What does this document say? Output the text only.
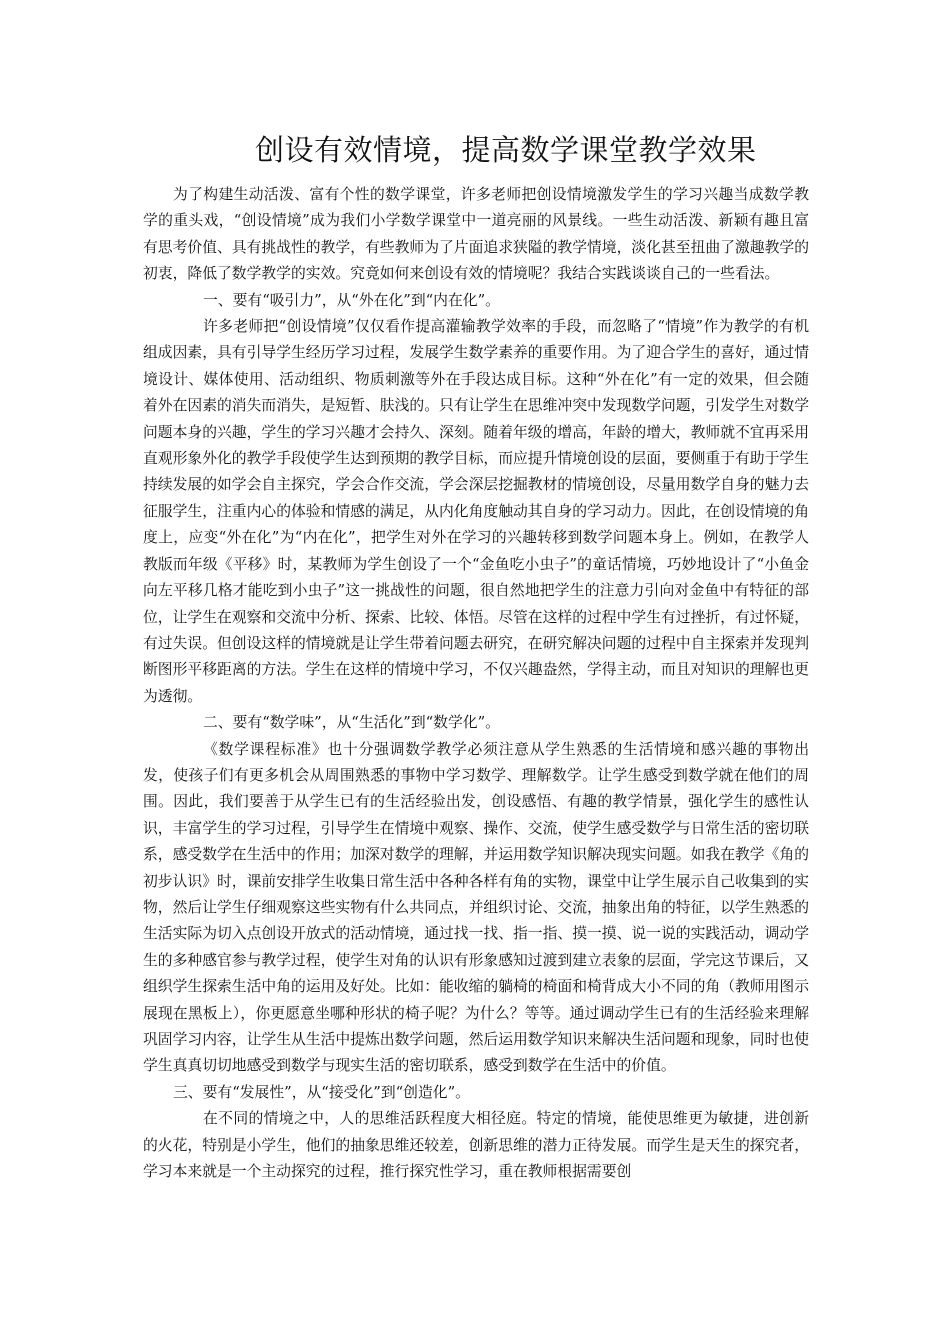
创设有效情境，提高数学课堂教学效果

为了构建生动活泼、富有个性的数学课堂，许多老师把创设情境激发学生的学习兴趣当成数学教学的重头戏，“创设情境”成为我们小学数学课堂中一道亮丽的风景线。一些生动活泼、新颖有趣且富有思考价值、具有挑战性的教学，有些教师为了片面追求狭隘的教学情境，淡化甚至扭曲了激趣教学的初衷，降低了数学教学的实效。究竟如何来创设有效的情境呢？我结合实践谈谈自己的一些看法。

一、要有“吸引力”，从“外在化”到“内在化”。

许多老师把“创设情境”仅仅看作提高灌输教学效率的手段，而忽略了“情境”作为教学的有机组成因素，具有引导学生经历学习过程，发展学生数学素养的重要作用。为了迎合学生的喜好，通过情境设计、媒体使用、活动组织、物质刺激等外在手段达成目标。这种“外在化”有一定的效果，但会随着外在因素的消失而消失，是短暂、肤浅的。只有让学生在思维冲突中发现数学问题，引发学生对数学问题本身的兴趣，学生的学习兴趣才会持久、深刻。随着年级的增高，年龄的增大，教师就不宜再采用直观形象外化的教学手段使学生达到预期的教学目标，而应提升情境创设的层面，要侧重于有助于学生持续发展的如学会自主探究，学会合作交流，学会深层挖掘教材的情境创设，尽量用数学自身的魅力去征服学生，注重内心的体验和情感的满足，从内化角度触动其自身的学习动力。因此，在创设情境的角度上，应变“外在化”为“内在化”，把学生对外在学习的兴趣转移到数学问题本身上。例如，在教学人教版而年级《平移》时，某教师为学生创设了一个“金鱼吃小虫子”的童话情境，巧妙地设计了“小鱼金向左平移几格才能吃到小虫子”这一挑战性的问题，很自然地把学生的注意力引向对金鱼中有特征的部位，让学生在观察和交流中分析、探索、比较、体悟。尽管在这样的过程中学生有过挫折，有过怀疑，有过失误。但创设这样的情境就是让学生带着问题去研究，在研究解决问题的过程中自主探索并发现判断图形平移距离的方法。学生在这样的情境中学习，不仅兴趣盎然，学得主动，而且对知识的理解也更为透彻。

二、要有“数学味”，从“生活化”到“数学化”。

《数学课程标准》也十分强调数学教学必须注意从学生熟悉的生活情境和感兴趣的事物出发，使孩子们有更多机会从周围熟悉的事物中学习数学、理解数学。让学生感受到数学就在他们的周围。因此，我们要善于从学生已有的生活经验出发，创设感悟、有趣的教学情景，强化学生的感性认识，丰富学生的学习过程，引导学生在情境中观察、操作、交流，使学生感受数学与日常生活的密切联系，感受数学在生活中的作用；加深对数学的理解，并运用数学知识解决现实问题。如我在教学《角的初步认识》时，课前安排学生收集日常生活中各种各样有角的实物，课堂中让学生展示自己收集到的实物，然后让学生仔细观察这些实物有什么共同点，并组织讨论、交流，抽象出角的特征，以学生熟悉的生活实际为切入点创设开放式的活动情境，通过找一找、指一指、摸一摸、说一说的实践活动，调动学生的多种感官参与教学过程，使学生对角的认识有形象感知过渡到建立表象的层面，学完这节课后，又组织学生探索生活中角的运用及好处。比如：能收缩的躺椅的椅面和椅背成大小不同的角（教师用图示展现在黑板上），你更愿意坐哪种形状的椅子呢？为什么？等等。通过调动学生已有的生活经验来理解巩固学习内容，让学生从生活中提炼出数学问题，然后运用数学知识来解决生活问题和现象，同时也使学生真真切切地感受到数学与现实生活的密切联系，感受到数学在生活中的价值。

三、要有“发展性”，从“接受化”到“创造化”。

在不同的情境之中，人的思维活跃程度大相径庭。特定的情境，能使思维更为敏捷，进创新的火花，特别是小学生，他们的抽象思维还较差，创新思维的潜力正待发展。而学生是天生的探究者，学习本来就是一个主动探究的过程，推行探究性学习，重在教师根据需要创
